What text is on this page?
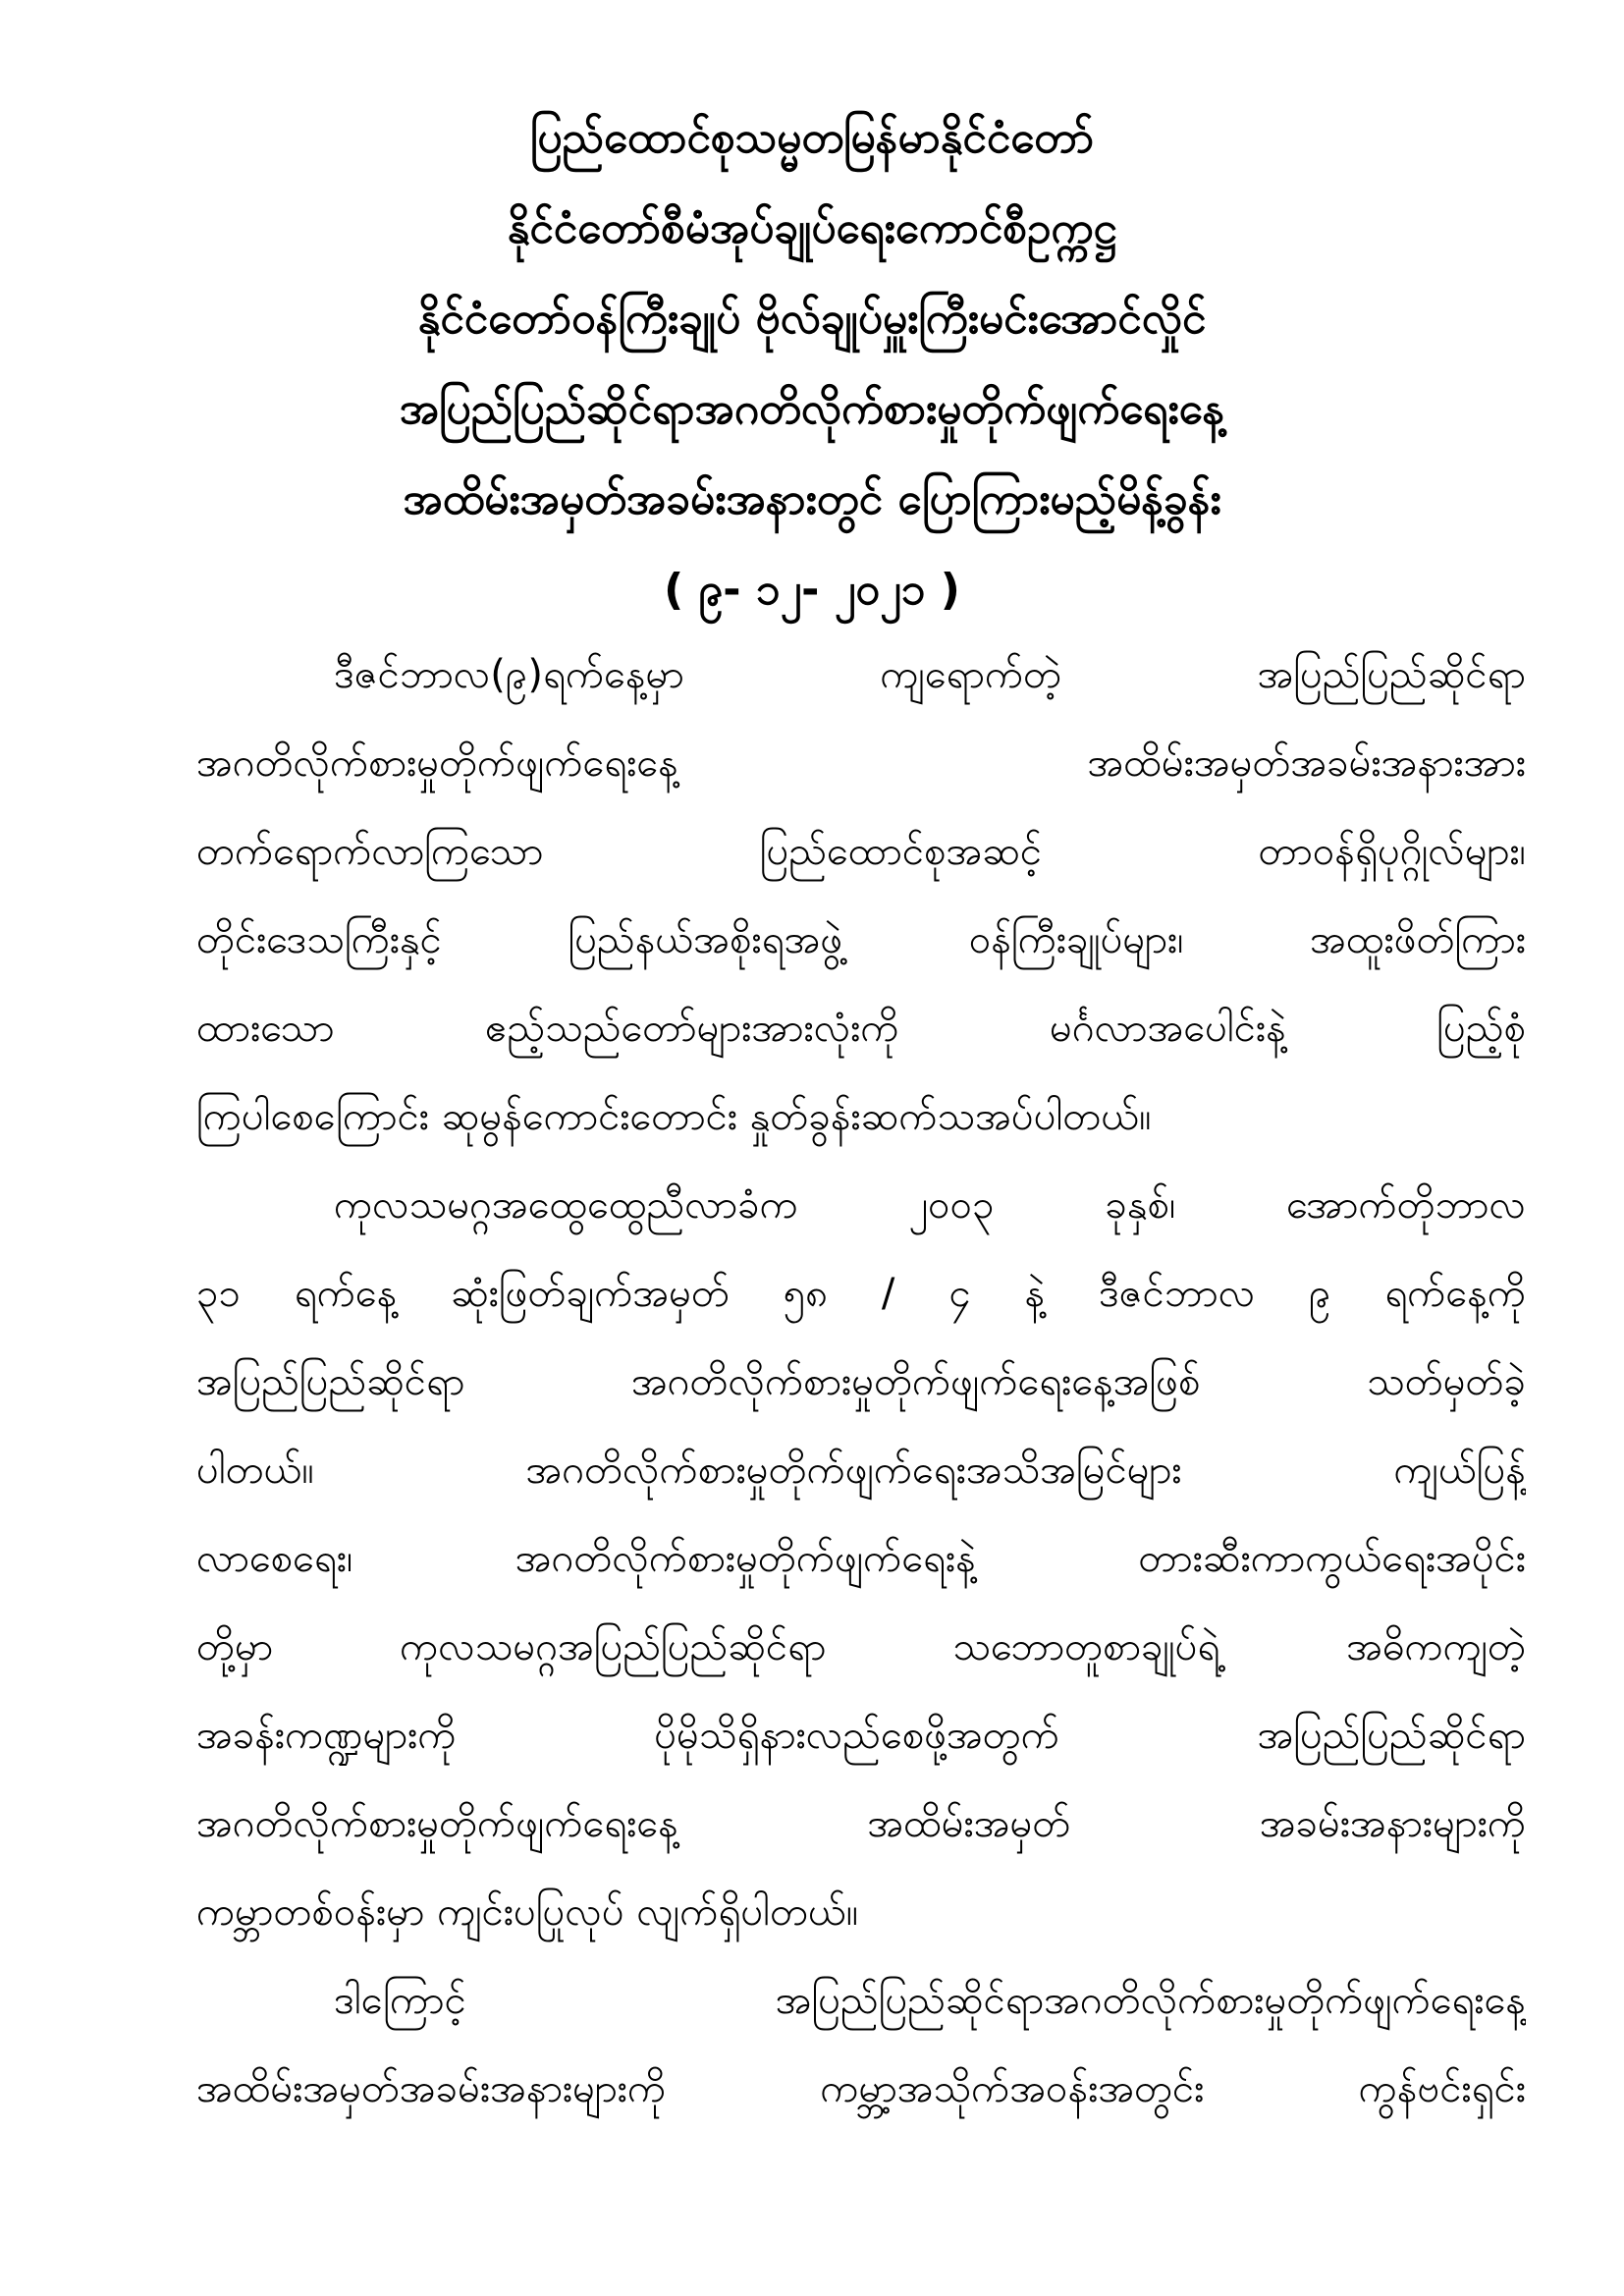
ပြည်ထောင်စုသမ္မတမြန်မာနိုင်ငံတော်
နိုင်ငံတော်စီမံအုပ်ချုပ်ရေးကောင်စီဥက္ကဋ္ဌ
နိုင်ငံတော်ဝန်ကြီးချုပ် ဗိုလ်ချုပ်မှူးကြီးမင်းအောင်လှိုင်
အပြည်ပြည်ဆိုင်ရာအဂတိလိုက်စားမှုတိုက်ဖျက်ရေးနေ့
အထိမ်းအမှတ်အခမ်းအနားတွင် ပြောကြားမည့်မိန့်ခွန်း
( ၉- ၁၂- ၂၀၂၁ )
ဒီဇင်ဘာလ(၉)ရက်နေ့မှာ ကျရောက်တဲ့ အပြည်ပြည်ဆိုင်ရာ
အဂတိလိုက်စားမှုတိုက်ဖျက်ရေးနေ့ အထိမ်းအမှတ်အခမ်းအနားအား
တက်ရောက်လာကြသော ပြည်ထောင်စုအဆင့် တာဝန်ရှိပုဂ္ဂိုလ်များ၊
တိုင်းဒေသကြီးနှင့် ပြည်နယ်အစိုးရအဖွဲ့ ဝန်ကြီးချုပ်များ၊ အထူးဖိတ်ကြား
ထားသော ဧည့်သည်တော်များအားလုံးကို မင်္ဂလာအပေါင်းနဲ့ ပြည့်စုံ
ကြပါစေကြောင်း ဆုမွန်ကောင်းတောင်း နှုတ်ခွန်းဆက်သအပ်ပါတယ်။
ကုလသမဂ္ဂအထွေထွေညီလာခံက ၂၀၀၃ ခုနှစ်၊ အောက်တိုဘာလ
၃၁ ရက်နေ့ ဆုံးဖြတ်ချက်အမှတ် ၅၈ / ၄ နဲ့ ဒီဇင်ဘာလ ၉ ရက်နေ့ကို
အပြည်ပြည်ဆိုင်ရာ အဂတိလိုက်စားမှုတိုက်ဖျက်ရေးနေ့အဖြစ် သတ်မှတ်ခဲ့
ပါတယ်။ အဂတိလိုက်စားမှုတိုက်ဖျက်ရေးအသိအမြင်များ ကျယ်ပြန့်
လာစေရေး၊ အဂတိလိုက်စားမှုတိုက်ဖျက်ရေးနဲ့ တားဆီးကာကွယ်ရေးအပိုင်း
တို့မှာ ကုလသမဂ္ဂအပြည်ပြည်ဆိုင်ရာ သဘောတူစာချုပ်ရဲ့ အဓိကကျတဲ့
အခန်းကဏ္ဍများကို ပိုမိုသိရှိနားလည်စေဖို့အတွက် အပြည်ပြည်ဆိုင်ရာ
အဂတိလိုက်စားမှုတိုက်ဖျက်ရေးနေ့ အထိမ်းအမှတ် အခမ်းအနားများကို
ကမ္ဘာတစ်ဝန်းမှာ ကျင်းပပြုလုပ် လျက်ရှိပါတယ်။
ဒါကြောင့် အပြည်ပြည်ဆိုင်ရာအဂတိလိုက်စားမှုတိုက်ဖျက်ရေးနေ့
အထိမ်းအမှတ်အခမ်းအနားများကို ကမ္ဘာ့အသိုက်အဝန်းအတွင်း ကွန်ဗင်းရှင်း
